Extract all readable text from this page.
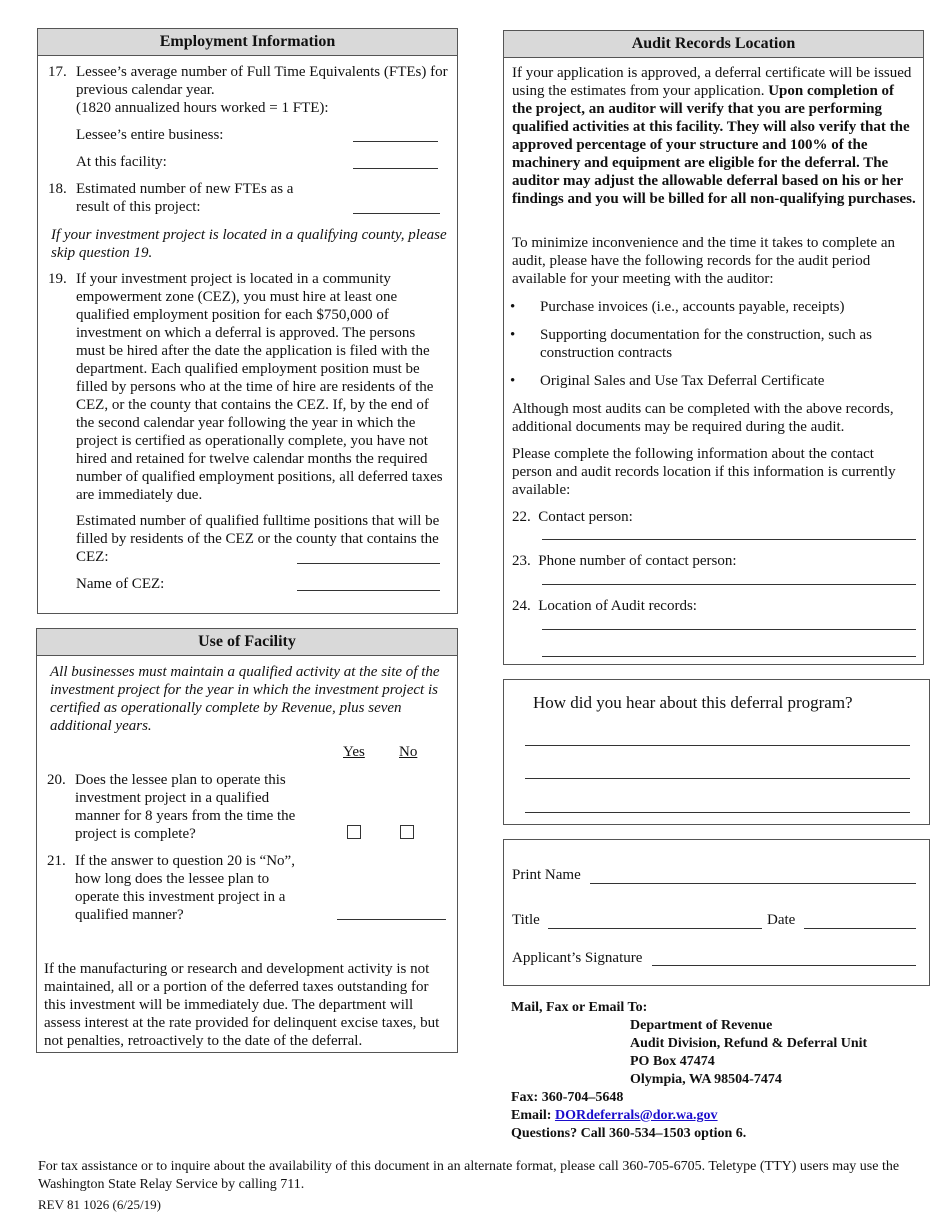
Employment Information
17. Lessee’s average number of Full Time Equivalents (FTEs) for previous calendar year.
(1820 annualized hours worked = 1 FTE):
Lessee’s entire business:
At this facility:
18. Estimated number of new FTEs as a
result of this project:
If your investment project is located in a qualifying county, please skip question 19.
19. If your investment project is located in a community empowerment zone (CEZ), you must hire at least one qualified employment position for each $750,000 of investment on which a deferral is approved. The persons must be hired after the date the application is filed with the department. Each qualified employment position must be filled by persons who at the time of hire are residents of the CEZ, or the county that contains the CEZ. If, by the end of the second calendar year following the year in which the project is certified as operationally complete, you have not hired and retained for twelve calendar months the required number of qualified employment positions, all deferred taxes are immediately due.
Estimated number of qualified fulltime positions that will be filled by residents of the CEZ or the county that contains the CEZ:
Name of CEZ:
Use of Facility
All businesses must maintain a qualified activity at the site of the investment project for the year in which the investment project is certified as operationally complete by Revenue, plus seven additional years.
Yes No
20. Does the lessee plan to operate this investment project in a qualified manner for 8 years from the time the project is complete?
21. If the answer to question 20 is “No”, how long does the lessee plan to operate this investment project in a qualified manner?
If the manufacturing or research and development activity is not maintained, all or a portion of the deferred taxes outstanding for this investment will be immediately due. The department will assess interest at the rate provided for delinquent excise taxes, but not penalties, retroactively to the date of the deferral.
Audit Records Location
If your application is approved, a deferral certificate will be issued using the estimates from your application. Upon completion of the project, an auditor will verify that you are performing qualified activities at this facility. They will also verify that the approved percentage of your structure and 100% of the machinery and equipment are eligible for the deferral. The auditor may adjust the allowable deferral based on his or her findings and you will be billed for all non-qualifying purchases.
To minimize inconvenience and the time it takes to complete an audit, please have the following records for the audit period available for your meeting with the auditor:
• Purchase invoices (i.e., accounts payable, receipts)
• Supporting documentation for the construction, such as construction contracts
• Original Sales and Use Tax Deferral Certificate
Although most audits can be completed with the above records, additional documents may be required during the audit.
Please complete the following information about the contact person and audit records location if this information is currently available:
22. Contact person:
23. Phone number of contact person:
24. Location of Audit records:
How did you hear about this deferral program?
Print Name
Title	Date
Applicant’s Signature
Mail, Fax or Email To:
Department of Revenue
Audit Division, Refund & Deferral Unit
PO Box 47474
Olympia, WA 98504-7474
Fax: 360-704–5648
Email: DORdeferrals@dor.wa.gov
Questions? Call 360-534–1503 option 6.
For tax assistance or to inquire about the availability of this document in an alternate format, please call 360-705-6705. Teletype (TTY) users may use the Washington State Relay Service by calling 711.
REV 81 1026 (6/25/19)
